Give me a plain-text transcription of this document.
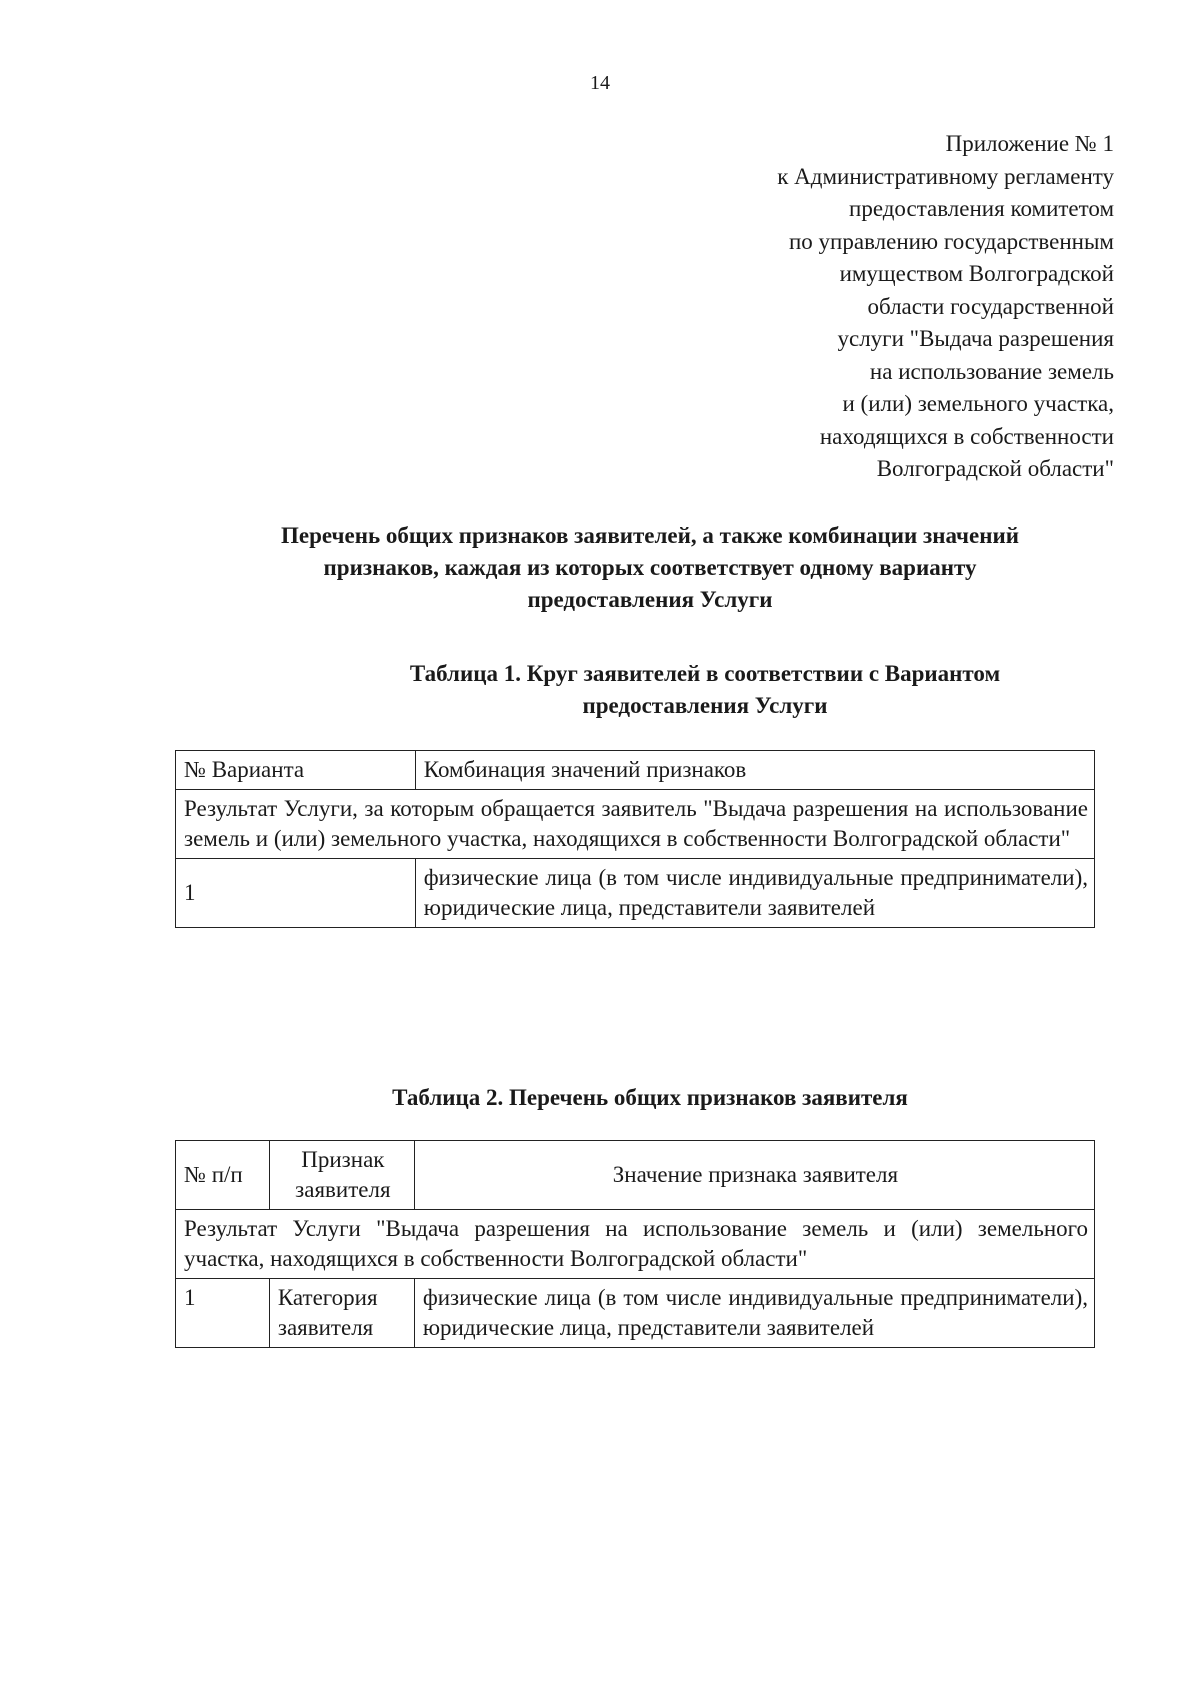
14
Приложение № 1
к Административному регламенту
предоставления комитетом
по управлению государственным
имуществом Волгоградской
области государственной
услуги "Выдача разрешения
на использование земель
и (или) земельного участка,
находящихся в собственности
Волгоградской области"
Перечень общих признаков заявителей, а также комбинации значений
признаков, каждая из которых соответствует одному варианту
предоставления Услуги
Таблица 1. Круг заявителей в соответствии с Вариантом
предоставления Услуги
№ Варианта	Комбинация значений признаков
Результат Услуги, за которым обращается заявитель "Выдача разрешения на использование земель и (или) земельного участка, находящихся в собственности Волгоградской области"	
1	физические лица (в том числе индивидуальные предприниматели), юридические лица, представители заявителей
Таблица 2. Перечень общих признаков заявителя
№ п/п	Признак заявителя	Значение признака заявителя
Результат Услуги "Выдача разрешения на использование земель и (или) земельного участка, находящихся в собственности Волгоградской области"		
1	Категория заявителя	физические лица (в том числе индивидуальные предприниматели), юридические лица, представители заявителей
